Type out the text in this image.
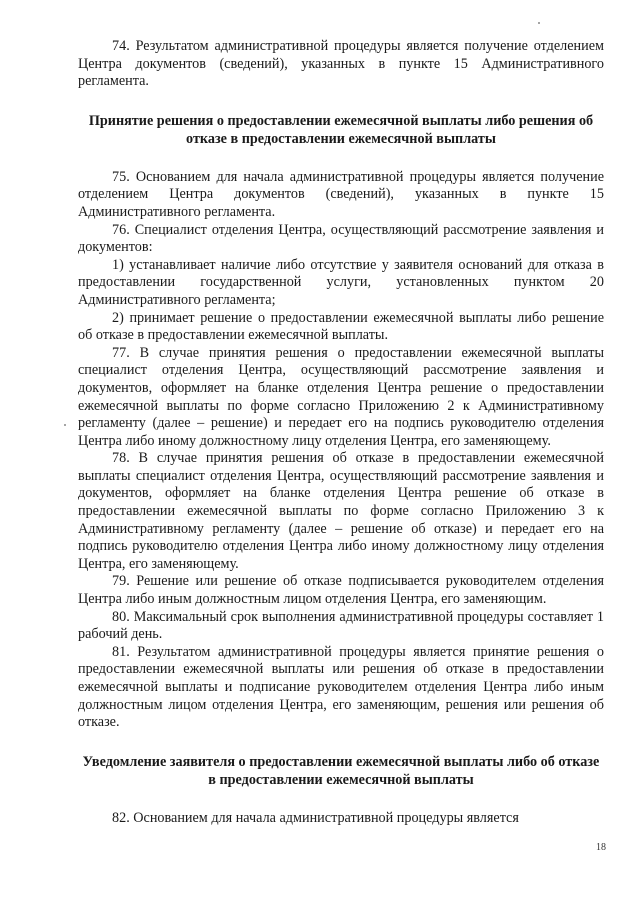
74. Результатом административной процедуры является получение отделением Центра документов (сведений), указанных в пункте 15 Административного регламента.

Принятие решения о предоставлении ежемесячной выплаты либо решения об отказе в предоставлении ежемесячной выплаты

75. Основанием для начала административной процедуры является получение отделением Центра документов (сведений), указанных в пункте 15 Административного регламента.

76. Специалист отделения Центра, осуществляющий рассмотрение заявления и документов:

1) устанавливает наличие либо отсутствие у заявителя оснований для отказа в предоставлении государственной услуги, установленных пунктом 20 Административного регламента;

2) принимает решение о предоставлении ежемесячной выплаты либо решение об отказе в предоставлении ежемесячной выплаты.

77. В случае принятия решения о предоставлении ежемесячной выплаты специалист отделения Центра, осуществляющий рассмотрение заявления и документов, оформляет на бланке отделения Центра решение о предоставлении ежемесячной выплаты по форме согласно Приложению 2 к Административному регламенту (далее – решение) и передает его на подпись руководителю отделения Центра либо иному должностному лицу отделения Центра, его заменяющему.

78. В случае принятия решения об отказе в предоставлении ежемесячной выплаты специалист отделения Центра, осуществляющий рассмотрение заявления и документов, оформляет на бланке отделения Центра решение об отказе в предоставлении ежемесячной выплаты по форме согласно Приложению 3 к Административному регламенту (далее – решение об отказе) и передает его на подпись руководителю отделения Центра либо иному должностному лицу отделения Центра, его заменяющему.

79. Решение или решение об отказе подписывается руководителем отделения Центра либо иным должностным лицом отделения Центра, его заменяющим.

80. Максимальный срок выполнения административной процедуры составляет 1 рабочий день.

81. Результатом административной процедуры является принятие решения о предоставлении ежемесячной выплаты или решения об отказе в предоставлении ежемесячной выплаты и подписание руководителем отделения Центра либо иным должностным лицом отделения Центра, его заменяющим, решения или решения об отказе.

Уведомление заявителя о предоставлении ежемесячной выплаты либо об отказе в предоставлении ежемесячной выплаты

82. Основанием для начала административной процедуры является

18
